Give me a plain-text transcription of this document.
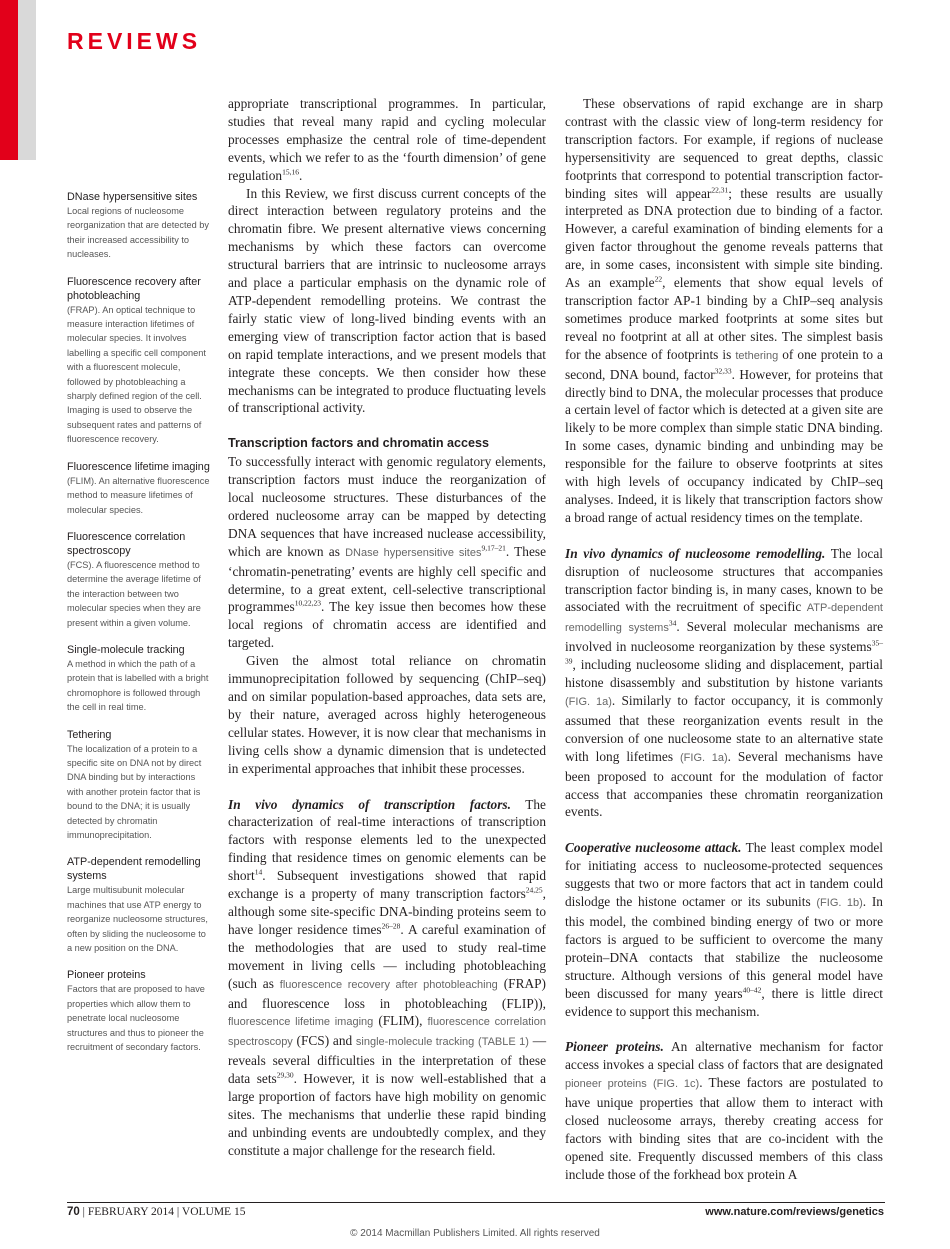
REVIEWS
DNase hypersensitive sites
Local regions of nucleosome reorganization that are detected by their increased accessibility to nucleases.
Fluorescence recovery after photobleaching
(FRAP). An optical technique to measure interaction lifetimes of molecular species. It involves labelling a specific cell component with a fluorescent molecule, followed by photobleaching a sharply defined region of the cell. Imaging is used to observe the subsequent rates and patterns of fluorescence recovery.
Fluorescence lifetime imaging
(FLIM). An alternative fluorescence method to measure lifetimes of molecular species.
Fluorescence correlation spectroscopy
(FCS). A fluorescence method to determine the average lifetime of the interaction between two molecular species when they are present within a given volume.
Single-molecule tracking
A method in which the path of a protein that is labelled with a bright chromophore is followed through the cell in real time.
Tethering
The localization of a protein to a specific site on DNA not by direct DNA binding but by interactions with another protein factor that is bound to the DNA; it is usually detected by chromatin immunoprecipitation.
ATP-dependent remodelling systems
Large multisubunit molecular machines that use ATP energy to reorganize nucleosome structures, often by sliding the nucleosome to a new position on the DNA.
Pioneer proteins
Factors that are proposed to have properties which allow them to penetrate local nucleosome structures and thus to pioneer the recruitment of secondary factors.

appropriate transcriptional programmes. In particular, studies that reveal many rapid and cycling molecular processes emphasize the central role of time-dependent events, which we refer to as the ‘fourth dimension’ of gene regulation$^{15,16}$.

In this Review, we first discuss current concepts of the direct interaction between regulatory proteins and the chromatin fibre. We present alternative views concerning mechanisms by which these factors can overcome structural barriers that are intrinsic to nucleosome arrays and place a particular emphasis on the dynamic role of ATP-dependent remodelling proteins. We contrast the fairly static view of long-lived binding events with an emerging view of transcription factor action that is based on rapid template interactions, and we present models that integrate these concepts. We then consider how these mechanisms can be integrated to produce fluctuating levels of transcriptional activity.

Transcription factors and chromatin access

To successfully interact with genomic regulatory elements, transcription factors must induce the reorganization of local nucleosome structures. These disturbances of the ordered nucleosome array can be mapped by detecting DNA sequences that have increased nuclease accessibility, which are known as DNase hypersensitive sites$^{9,17-21}$. These ‘chromatin-penetrating’ events are highly cell specific and determine, to a great extent, cell-selective transcriptional programmes$^{10,22,23}$. The key issue then becomes how these local regions of chromatin access are identified and targeted.

Given the almost total reliance on chromatin immunoprecipitation followed by sequencing (ChIP–seq) and on similar population-based approaches, data sets are, by their nature, averaged across highly heterogeneous cellular states. However, it is now clear that mechanisms in living cells show a dynamic dimension that is undetected in experimental approaches that inhibit these processes.

In vivo dynamics of transcription factors. The characterization of real-time interactions of transcription factors with response elements led to the unexpected finding that residence times on genomic elements can be short$^{14}$. Subsequent investigations showed that rapid exchange is a property of many transcription factors$^{24,25}$, although some site-specific DNA-binding proteins seem to have longer residence times$^{26-28}$. A careful examination of the methodologies that are used to study real-time movement in living cells — including photobleaching (such as fluorescence recovery after photobleaching (FRAP) and fluorescence loss in photobleaching (FLIP)), fluorescence lifetime imaging (FLIM), fluorescence correlation spectroscopy (FCS) and single-molecule tracking (TABLE 1) — reveals several difficulties in the interpretation of these data sets$^{29,30}$. However, it is now well-established that a large proportion of factors have high mobility on genomic sites. The mechanisms that underlie these rapid binding and unbinding events are undoubtedly complex, and they constitute a major challenge for the research field.

These observations of rapid exchange are in sharp contrast with the classic view of long-term residency for transcription factors. For example, if regions of nuclease hypersensitivity are sequenced to great depths, classic footprints that correspond to potential transcription factor-binding sites will appear$^{22,31}$; these results are usually interpreted as DNA protection due to binding of a factor. However, a careful examination of binding elements for a given factor throughout the genome reveals patterns that are, in some cases, inconsistent with simple site binding. As an example$^{22}$, elements that show equal levels of transcription factor AP-1 binding by a ChIP–seq analysis sometimes produce marked footprints at some sites but reveal no footprint at all at other sites. The simplest basis for the absence of footprints is tethering of one protein to a second, DNA bound, factor$^{32,33}$. However, for proteins that directly bind to DNA, the molecular processes that produce a certain level of factor which is detected at a given site are likely to be more complex than simple static DNA binding. In some cases, dynamic binding and unbinding may be responsible for the failure to observe footprints at sites with high levels of occupancy indicated by ChIP–seq analyses. Indeed, it is likely that transcription factors show a broad range of actual residency times on the template.

In vivo dynamics of nucleosome remodelling. The local disruption of nucleosome structures that accompanies transcription factor binding is, in many cases, known to be associated with the recruitment of specific ATP-dependent remodelling systems$^{34}$. Several molecular mechanisms are involved in nucleosome reorganization by these systems$^{35-39}$, including nucleosome sliding and displacement, partial histone disassembly and substitution by histone variants (FIG. 1a). Similarly to factor occupancy, it is commonly assumed that these reorganization events result in the conversion of one nucleosome state to an alternative state with long lifetimes (FIG. 1a). Several mechanisms have been proposed to account for the modulation of factor access that accompanies these chromatin reorganization events.

Cooperative nucleosome attack. The least complex model for initiating access to nucleosome-protected sequences suggests that two or more factors that act in tandem could dislodge the histone octamer or its subunits (FIG. 1b). In this model, the combined binding energy of two or more factors is argued to be sufficient to overcome the many protein–DNA contacts that stabilize the nucleosome structure. Although versions of this general model have been discussed for many years$^{40-42}$, there is little direct evidence to support this mechanism.

Pioneer proteins. An alternative mechanism for factor access invokes a special class of factors that are designated pioneer proteins (FIG. 1c). These factors are postulated to have unique properties that allow them to interact with closed nucleosome arrays, thereby creating access for factors with binding sites that are co-incident with the opened site. Frequently discussed members of this class include those of the forkhead box protein A

70 | FEBRUARY 2014 | VOLUME 15	www.nature.com/reviews/genetics
© 2014 Macmillan Publishers Limited. All rights reserved
